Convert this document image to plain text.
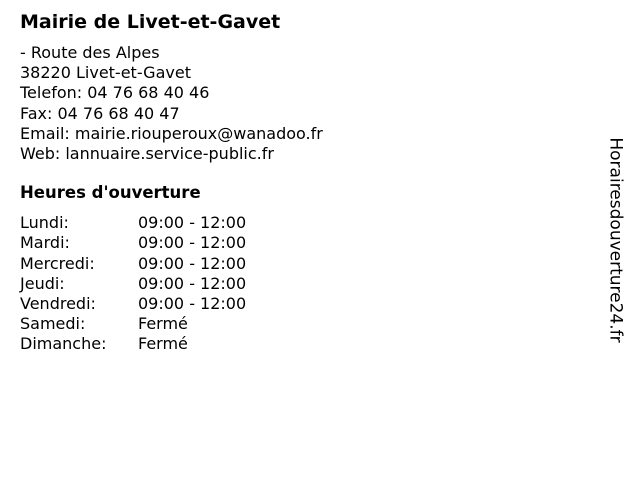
Mairie de Livet-et-Gavet
- Route des Alpes
38220 Livet-et-Gavet
Telefon: 04 76 68 40 46
Fax: 04 76 68 40 47
Email: mairie.riouperoux@wanadoo.fr
Web: lannuaire.service-public.fr
Heures d'ouverture
Lundi:	09:00 - 12:00
Mardi:	09:00 - 12:00
Mercredi:	09:00 - 12:00
Jeudi:	09:00 - 12:00
Vendredi:	09:00 - 12:00
Samedi:	Fermé
Dimanche:	Fermé
Horairesdouverture24.fr
